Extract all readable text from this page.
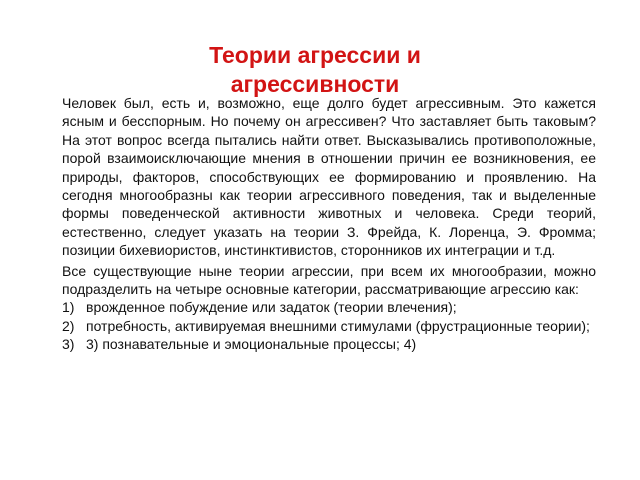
Теории агрессии и агрессивности

Человек был, есть и, возможно, еще долго будет агрессивным. Это кажется ясным и бесспорным. Но почему он агрессивен? Что заставляет быть таковым? На этот вопрос всегда пытались найти ответ. Высказывались противоположные, порой взаимоисключающие мнения в отношении причин ее возникновения, ее природы, факторов, способствующих ее формированию и проявлению. На сегодня многообразны как теории агрессивного поведения, так и выделенные формы поведенческой активности животных и человека. Среди теорий, естественно, следует указать на теории З. Фрейда, К. Лоренца, Э. Фромма; позиции бихевиористов, инстинктивистов, сторонников их интеграции и т.д.

Все существующие ныне теории агрессии, при всем их многообразии, можно подразделить на четыре основные категории, рассматривающие агрессию как:

1) врожденное побуждение или задаток (теории влечения);
2) потребность, активируемая внешними стимулами (фрустрационные теории);
3) 3) познавательные и эмоциональные процессы; 4)
